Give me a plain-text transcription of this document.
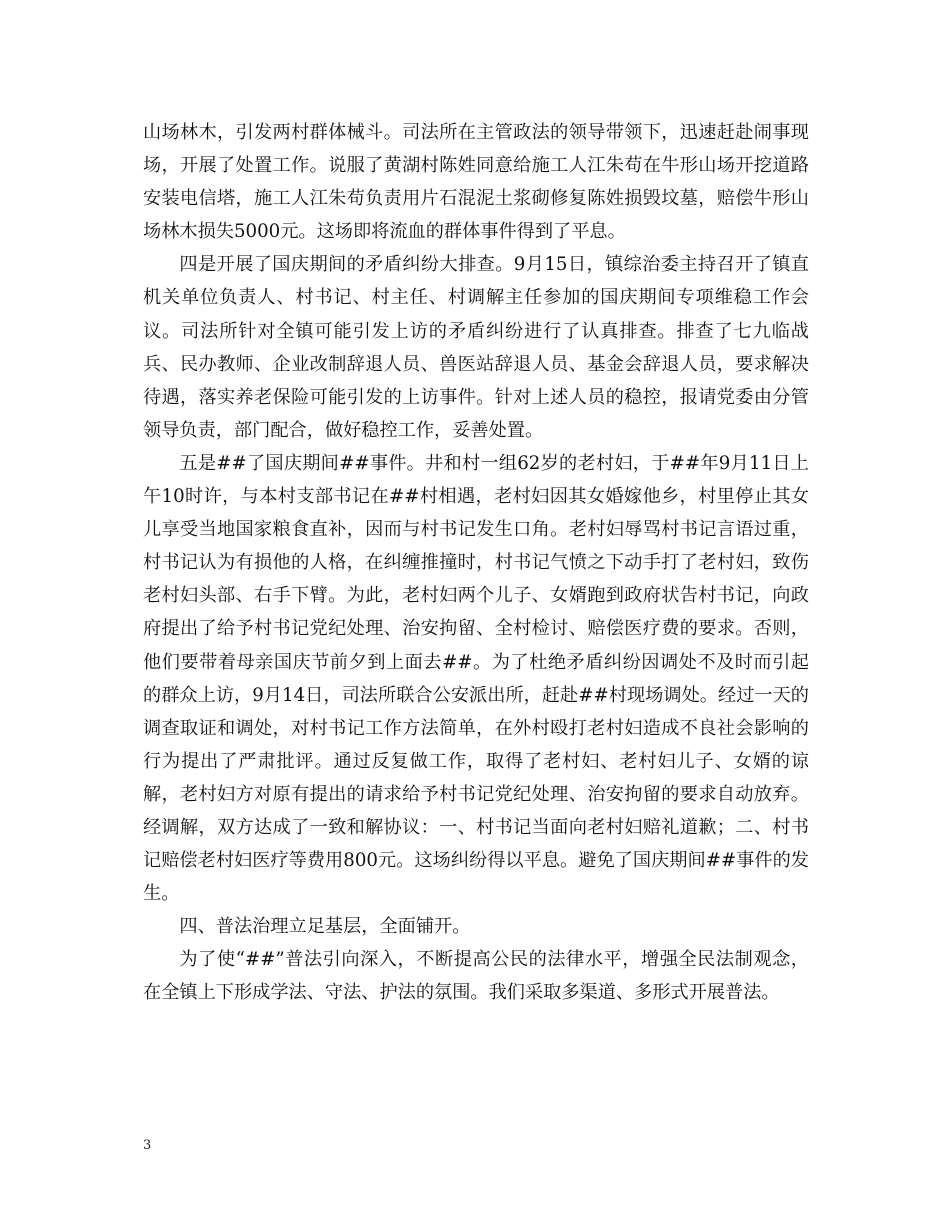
山场林木，引发两村群体械斗。司法所在主管政法的领导带领下，迅速赶赴闹事现场，开展了处置工作。说服了黄湖村陈姓同意给施工人江朱苟在牛形山场开挖道路安装电信塔，施工人江朱苟负责用片石混泥土浆砌修复陈姓损毁坟墓，赔偿牛形山场林木损失5000元。这场即将流血的群体事件得到了平息。

四是开展了国庆期间的矛盾纠纷大排查。9月15日，镇综治委主持召开了镇直机关单位负责人、村书记、村主任、村调解主任参加的国庆期间专项维稳工作会议。司法所针对全镇可能引发上访的矛盾纠纷进行了认真排查。排查了七九临战兵、民办教师、企业改制辞退人员、兽医站辞退人员、基金会辞退人员，要求解决待遇，落实养老保险可能引发的上访事件。针对上述人员的稳控，报请党委由分管领导负责，部门配合，做好稳控工作，妥善处置。

五是##了国庆期间##事件。井和村一组62岁的老村妇，于##年9月11日上午10时许，与本村支部书记在##村相遇，老村妇因其女婚嫁他乡，村里停止其女儿享受当地国家粮食直补，因而与村书记发生口角。老村妇辱骂村书记言语过重，村书记认为有损他的人格，在纠缠推撞时，村书记气愤之下动手打了老村妇，致伤老村妇头部、右手下臂。为此，老村妇两个儿子、女婿跑到政府状告村书记，向政府提出了给予村书记党纪处理、治安拘留、全村检讨、赔偿医疗费的要求。否则，他们要带着母亲国庆节前夕到上面去##。为了杜绝矛盾纠纷因调处不及时而引起的群众上访，9月14日，司法所联合公安派出所，赶赴##村现场调处。经过一天的调查取证和调处，对村书记工作方法简单，在外村殴打老村妇造成不良社会影响的行为提出了严肃批评。通过反复做工作，取得了老村妇、老村妇儿子、女婿的谅解，老村妇方对原有提出的请求给予村书记党纪处理、治安拘留的要求自动放弃。经调解，双方达成了一致和解协议：一、村书记当面向老村妇赔礼道歉；二、村书记赔偿老村妇医疗等费用800元。这场纠纷得以平息。避免了国庆期间##事件的发生。

四、普法治理立足基层，全面铺开。

为了使“##”普法引向深入，不断提高公民的法律水平，增强全民法制观念，在全镇上下形成学法、守法、护法的氛围。我们采取多渠道、多形式开展普法。

3
